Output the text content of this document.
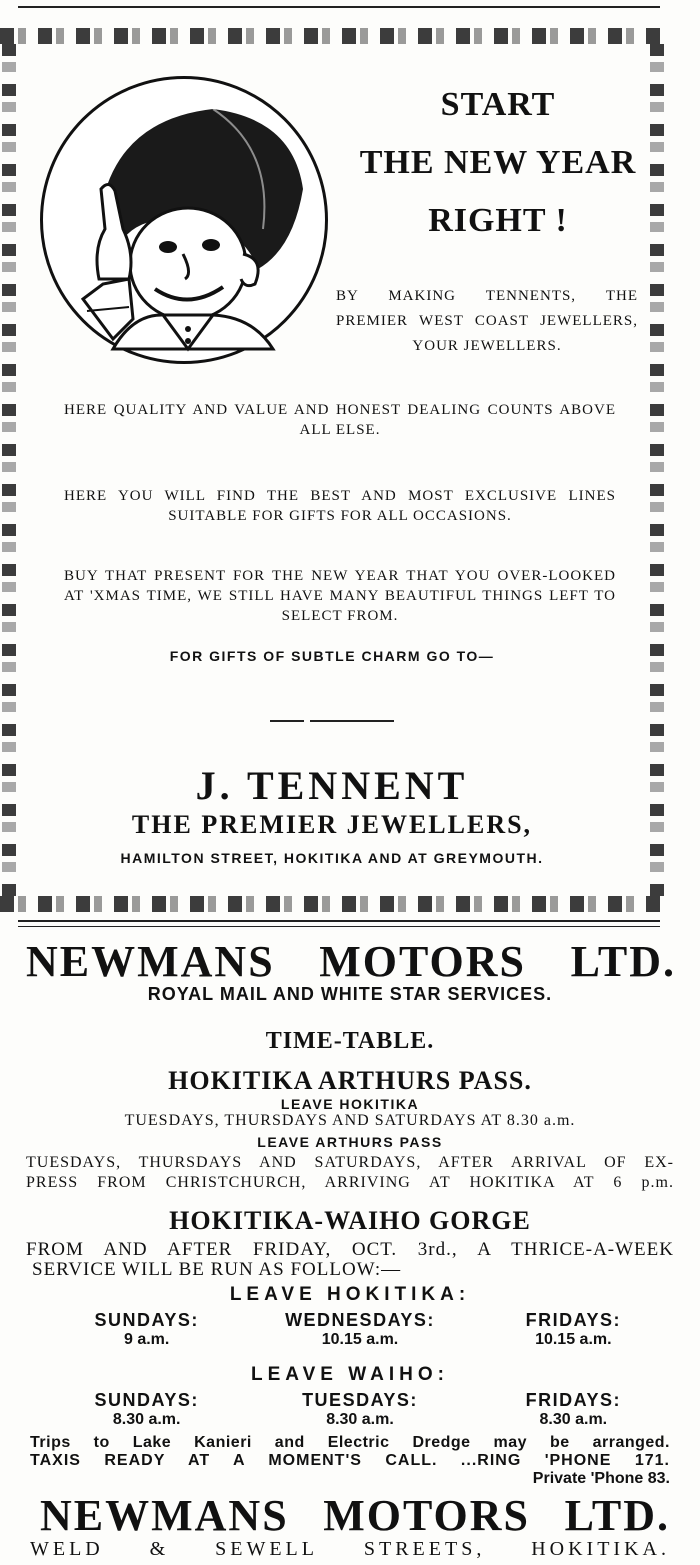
START
THE NEW YEAR
RIGHT !
BY MAKING TENNENTS, THE PREMIER WEST COAST JEWELLERS, YOUR JEWELLERS.
HERE QUALITY AND VALUE AND HONEST DEALING COUNTS ABOVE ALL ELSE.
HERE YOU WILL FIND THE BEST AND MOST EXCLUSIVE LINES SUITABLE FOR GIFTS FOR ALL OCCASIONS.
BUY THAT PRESENT FOR THE NEW YEAR THAT YOU OVER-LOOKED AT 'XMAS TIME, WE STILL HAVE MANY BEAUTIFUL THINGS LEFT TO SELECT FROM.
FOR GIFTS OF SUBTLE CHARM GO TO—
J. TENNENT
THE PREMIER JEWELLERS,
HAMILTON STREET, HOKITIKA AND AT GREYMOUTH.
NEWMANS MOTORS LTD.
ROYAL MAIL AND WHITE STAR SERVICES.
TIME-TABLE.
HOKITIKA ARTHURS PASS.
LEAVE HOKITIKA
TUESDAYS, THURSDAYS AND SATURDAYS AT 8.30 a.m.
LEAVE ARTHURS PASS
TUESDAYS, THURSDAYS AND SATURDAYS, AFTER ARRIVAL OF EX-
PRESS FROM CHRISTCHURCH, ARRIVING AT HOKITIKA AT 6 p.m.
HOKITIKA-WAIHO GORGE
FROM AND AFTER FRIDAY, OCT. 3rd., A THRICE-A-WEEK
SERVICE WILL BE RUN AS FOLLOW:—
LEAVE HOKITIKA:
SUNDAYS:
9 a.m.
WEDNESDAYS:
10.15 a.m.
FRIDAYS:
10.15 a.m.
LEAVE WAIHO:
SUNDAYS:
8.30 a.m.
TUESDAYS:
8.30 a.m.
FRIDAYS:
8.30 a.m.
Trips to Lake Kanieri and Electric Dredge may be arranged.
TAXIS READY AT A MOMENT'S CALL. ...RING 'PHONE 171.
Private 'Phone 83.
NEWMANS MOTORS LTD.
WELD & SEWELL STREETS, HOKITIKA.
